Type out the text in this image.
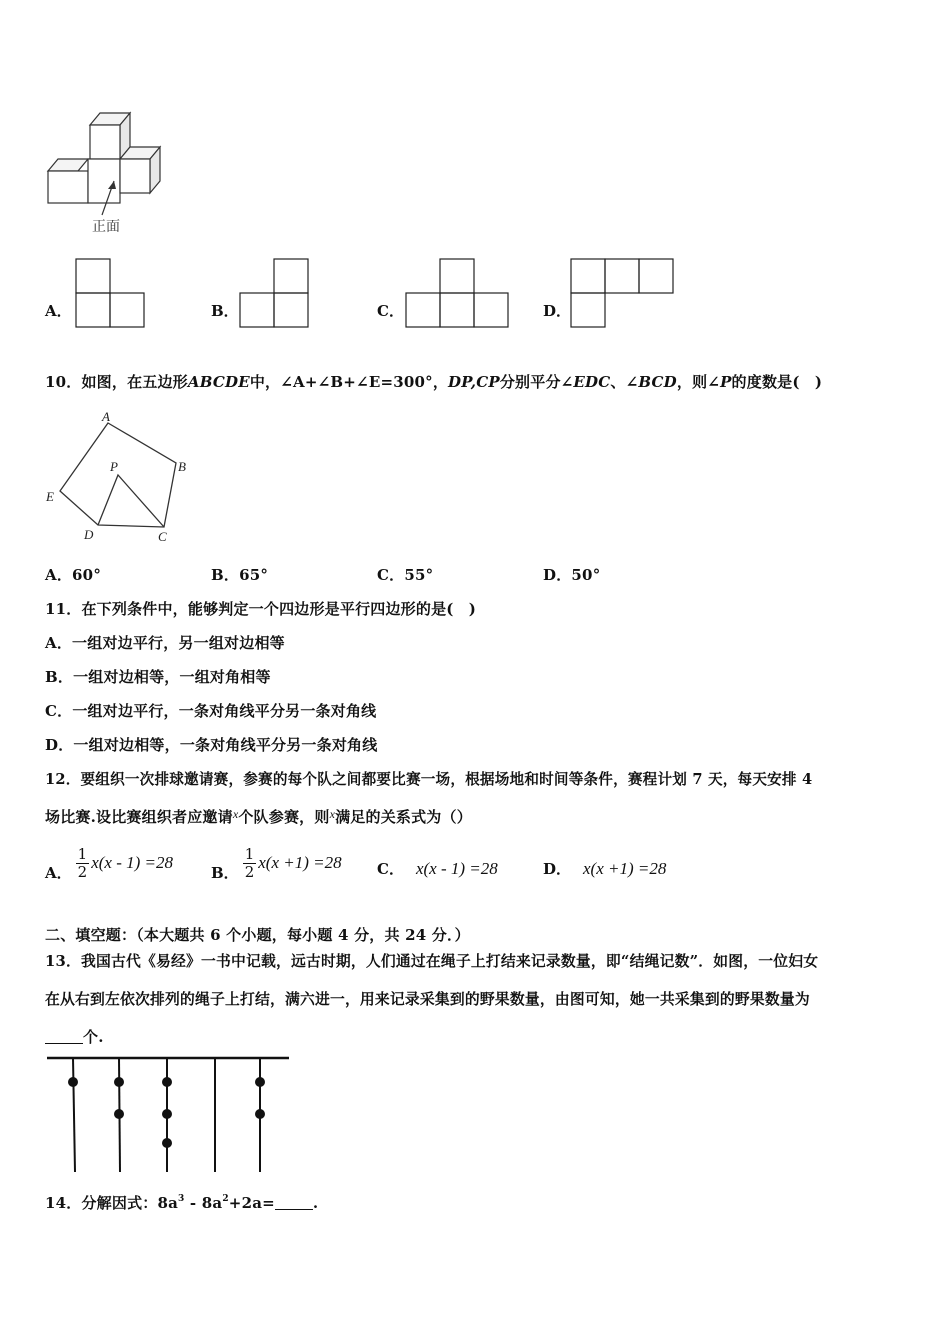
正面
A．	B．	C．	D．
10．如图，在五边形ABCDE中，∠A+∠B+∠E=300°，DP,CP分别平分∠EDC、∠BCD，则∠P的度数是(　)
A
B
C
D
E
P
A．60°	B．65°	C．55°	D．50°
11．在下列条件中，能够判定一个四边形是平行四边形的是(　)
A．一组对边平行，另一组对边相等
B．一组对边相等，一组对角相等
C．一组对边平行，一条对角线平分另一条对角线
D．一组对边相等，一条对角线平分另一条对角线
12．要组织一次排球邀请赛，参赛的每个队之间都要比赛一场，根据场地和时间等条件，赛程计划 7 天，每天安排 4
场比赛.设比赛组织者应邀请$^x$个队参赛，则$^x$满足的关系式为（）
A． $\frac{1}{2} x(x - 1) =28$
B． $\frac{1}{2} x(x +1) =28$ C． x(x - 1) =28	D． x(x +1) =28
二、填空题：（本大题共 6 个小题，每小题 4 分，共 24 分．）
13．我国古代《易经》一书中记载，远古时期，人们通过在绳子上打结来记录数量，即“结绳记数”．如图，一位妇女
在从右到左依次排列的绳子上打结，满六进一，用来记录采集到的野果数量，由图可知，她一共采集到的野果数量为
个.
14．分解因式：$8a^3 - 8a^2+2a=$	.
